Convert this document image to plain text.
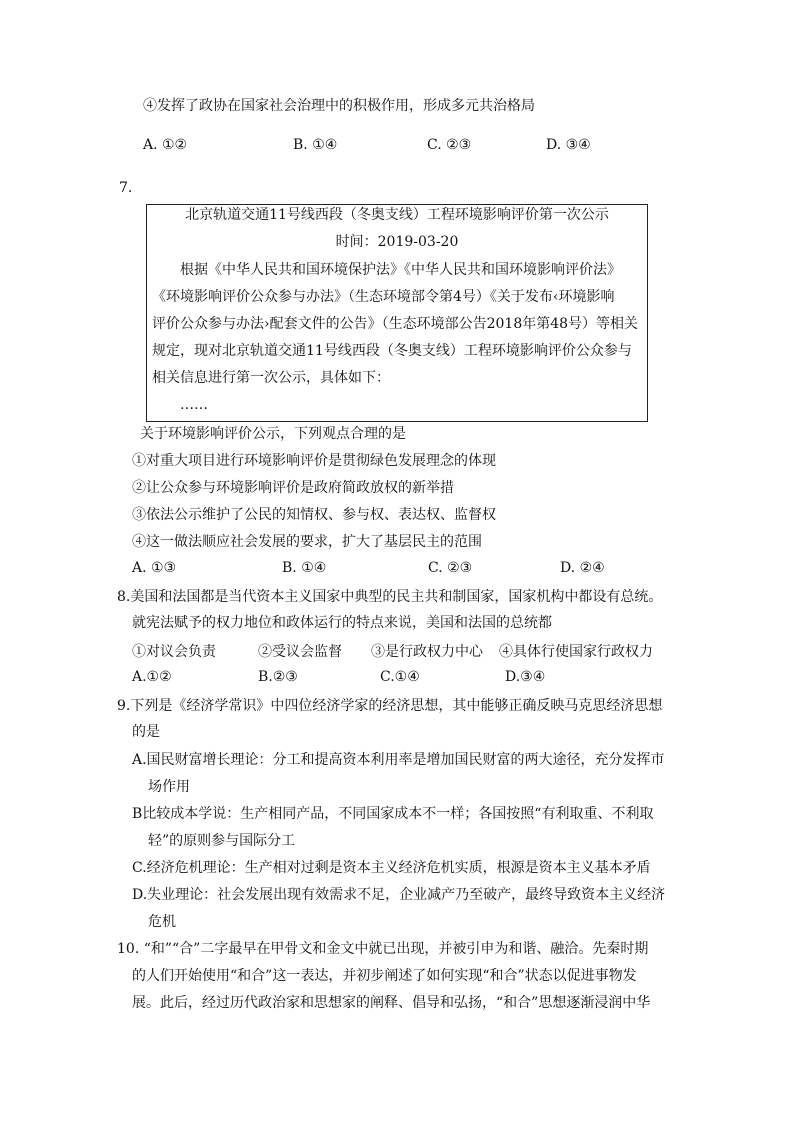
④发挥了政协在国家社会治理中的积极作用，形成多元共治格局
A. ①②	B. ①④	C. ②③	D. ③④
7.
北京轨道交通11号线西段（冬奥支线）工程环境影响评价第一次公示
时间：2019-03-20
根据《中华人民共和国环境保护法》《中华人民共和国环境影响评价法》
《环境影响评价公众参与办法》（生态环境部令第4号）《关于发布‹环境影响
评价公众参与办法›配套文件的公告》（生态环境部公告2018年第48号）等相关
规定，现对北京轨道交通11号线西段（冬奥支线）工程环境影响评价公众参与
相关信息进行第一次公示，具体如下：
……
关于环境影响评价公示，下列观点合理的是
①对重大项目进行环境影响评价是贯彻绿色发展理念的体现
②让公众参与环境影响评价是政府简政放权的新举措
③依法公示维护了公民的知情权、参与权、表达权、监督权
④这一做法顺应社会发展的要求，扩大了基层民主的范围
A. ①③	B. ①④	C. ②③	D. ②④
8.美国和法国都是当代资本主义国家中典型的民主共和制国家，国家机构中都设有总统。
就宪法赋予的权力地位和政体运行的特点来说，美国和法国的总统都
①对议会负责	②受议会监督 ③是行政权力中心 ④具体行使国家行政权力
A.①②	B.②③	C.①④	D.③④
9.下列是《经济学常识》中四位经济学家的经济思想，其中能够正确反映马克思经济思想
的是
A.国民财富增长理论：分工和提高资本利用率是增加国民财富的两大途径，充分发挥市
场作用
B比较成本学说：生产相同产品，不同国家成本不一样；各国按照“有利取重、不利取
轻”的原则参与国际分工
C.经济危机理论：生产相对过剩是资本主义经济危机实质，根源是资本主义基本矛盾
D.失业理论：社会发展出现有效需求不足，企业减产乃至破产，最终导致资本主义经济
危机
10. “和”“合”二字最早在甲骨文和金文中就已出现，并被引申为和谐、融洽。先秦时期
的人们开始使用“和合”这一表达，并初步阐述了如何实现“和合”状态以促进事物发
展。此后，经过历代政治家和思想家的阐释、倡导和弘扬，“和合”思想逐渐浸润中华
